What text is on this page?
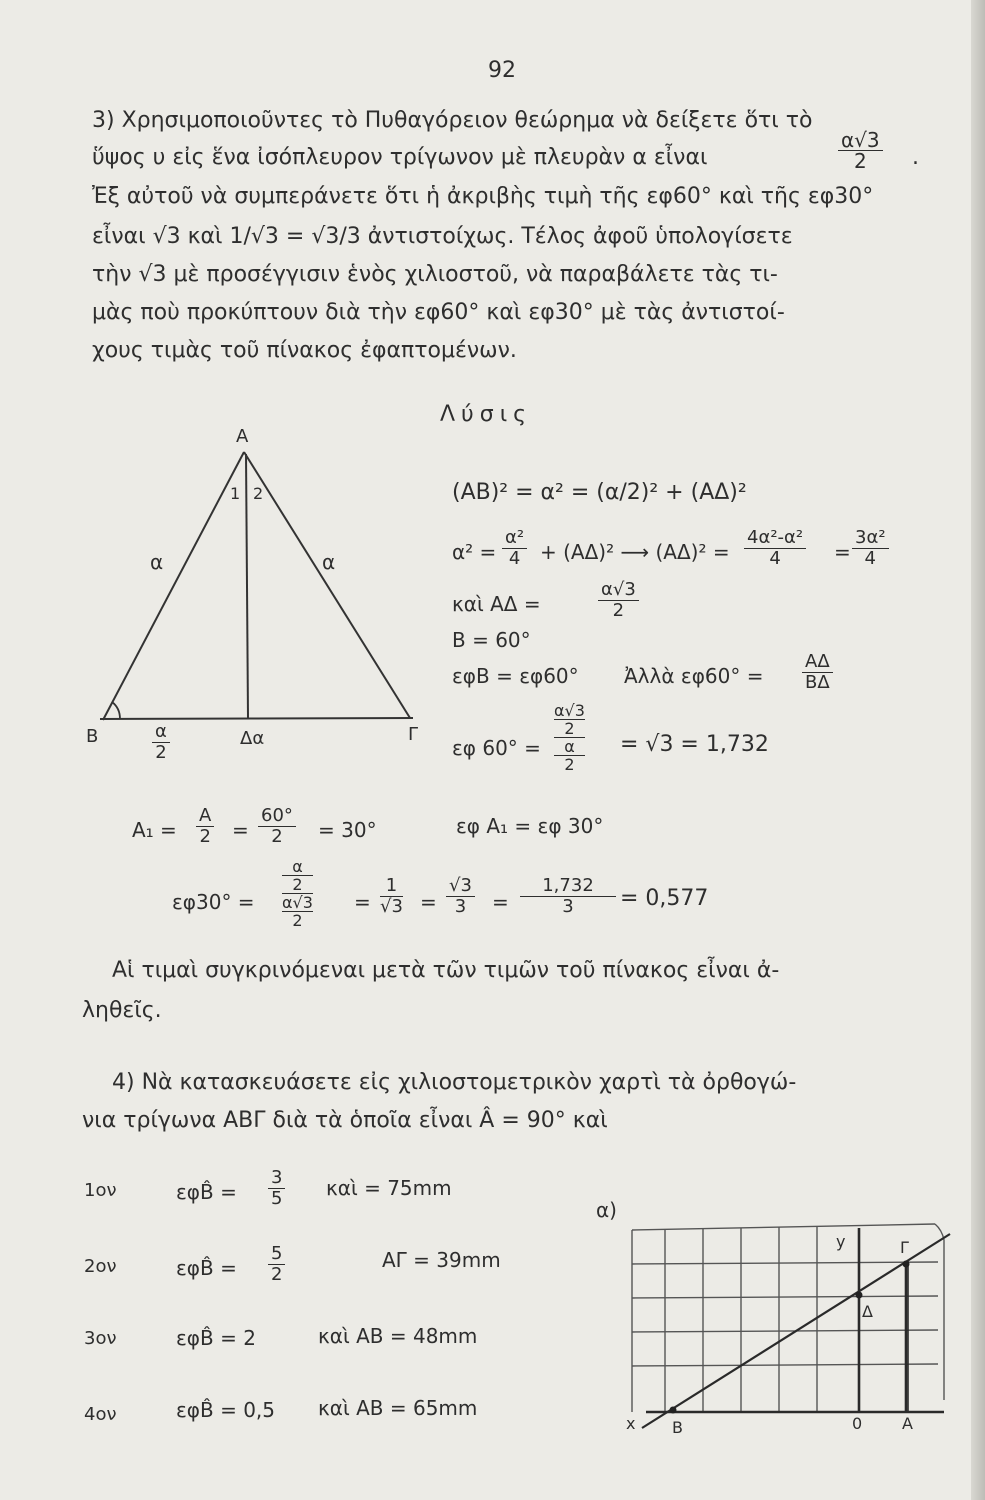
92
3) Χρησιμοποιοῦντες τὸ Πυθαγόρειον θεώρημα νὰ δείξετε ὅτι τὸ
ὕψος υ εἰς ἕνα ἰσόπλευρον τρίγωνον μὲ πλευρὰν α εἶναι	$\frac{\alpha√3}{2}$ .
Ἐξ αὐτοῦ νὰ συμπεράνετε ὅτι ἡ ἀκριβὴς τιμὴ τῆς εφ60° καὶ τῆς εφ30°
εἶναι √3 καὶ 1/√3 = √3/3 ἀντιστοίχως. Τέλος ἀφοῦ ὑπολογίσετε
τὴν √3 μὲ προσέγγισιν ἑνὸς χιλιοστοῦ, νὰ παραβάλετε τὰς τι-
μὰς ποὺ προκύπτουν διὰ τὴν εφ60° καὶ εφ30° μὲ τὰς ἀντιστοί-
χους τιμὰς τοῦ πίνακος ἐφαπτομένων.
A
1 2
α	α
B	$\frac{\alpha}{2}$	Δα	Γ
Λύσις
(AB)² = α² = (α/2)² + (AΔ)²
$\alpha^2 = \frac{\text{α²}}{4} + (A\Delta)^2$ ⟶ $(A\Delta)^2 = \frac{\text{4α²-α²}}{4} = \frac{\text{3α²}}{4}$
καὶ AΔ =	$\frac{\alpha√3}{2}$
B = 60°
εφB = εφ60° Ἀλλὰ $\varepsilon\varphi 60^\circ = \frac{A\Delta}{B\Delta}$
εφ 60° =
α√3
2
α
2
= √3 = 1,732
$A_1 = \frac{A}{2} = \frac{60^\circ}{2} = 30^\circ$	εφ A₁ = εφ 30°
εφ30° =
α
2
α√3
2
= $\frac{1}{√3} = \frac{√3}{3} = \frac{1,732}{3} = 0,577$
Αἱ τιμαὶ συγκρινόμεναι μετὰ τῶν τιμῶν τοῦ πίνακος εἶναι ἀ-
ληθεῖς.
4) Νὰ κατασκευάσετε εἰς χιλιοστομετρικὸν χαρτὶ τὰ ὀρθογώ-
νια τρίγωνα ABΓ διὰ τὰ ὁποῖα εἶναι Â = 90° καὶ
1ον	εφB̂ = $\frac{3}{5}$ καὶ = 75mm
2ον	εφB̂ = $\frac{5}{2}$	AΓ = 39mm
3ον	εφB̂ = 2	καὶ AB = 48mm
4ον	εφB̂ = 0,5 καὶ AB = 65mm
α)
x B	0 A
y	Γ
Δ
